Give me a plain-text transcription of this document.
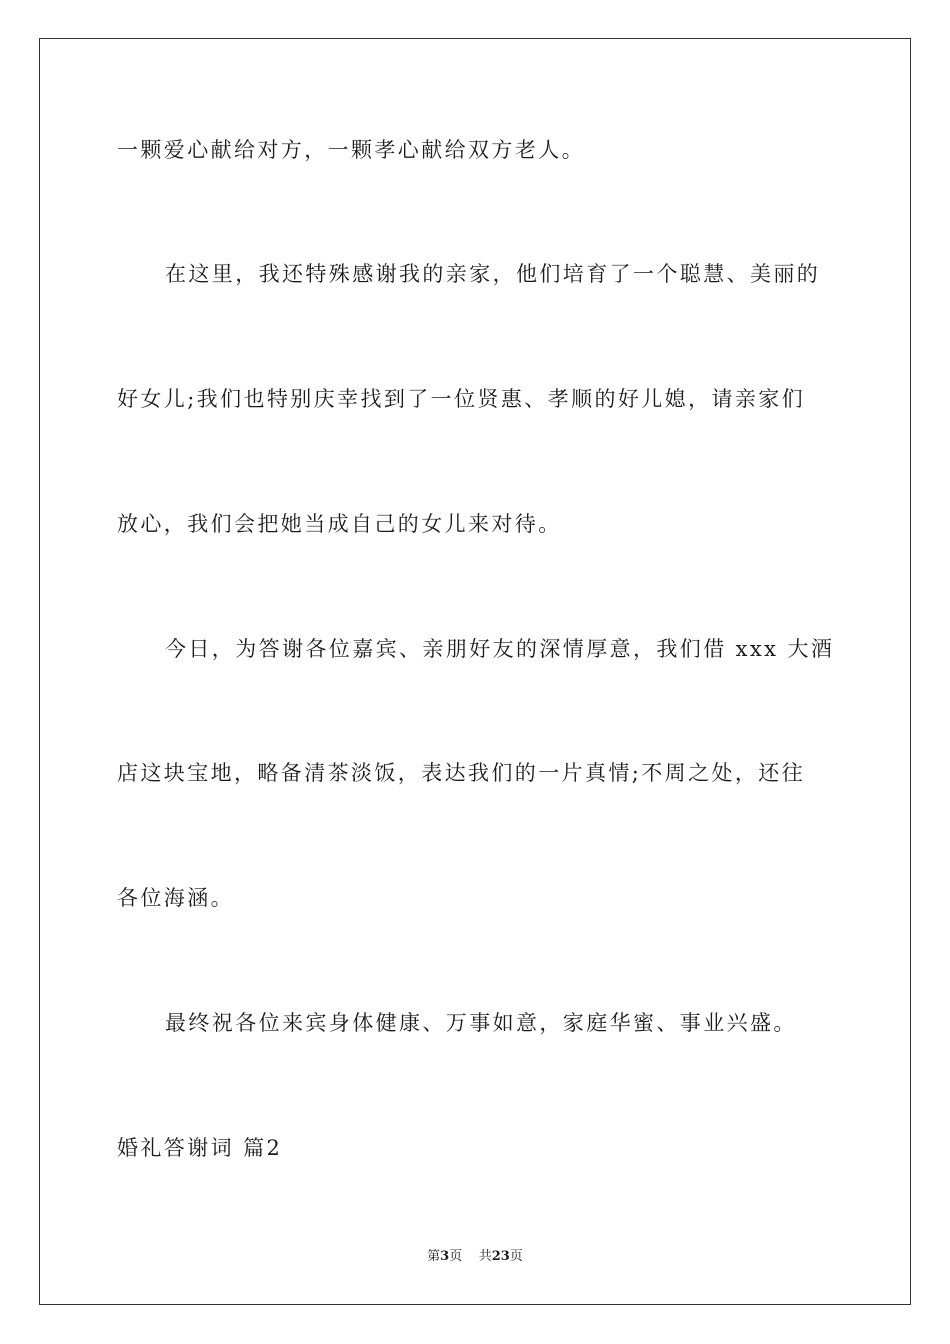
一颗爱心献给对方，一颗孝心献给双方老人。
在这里，我还特殊感谢我的亲家，他们培育了一个聪慧、美丽的
好女儿;我们也特别庆幸找到了一位贤惠、孝顺的好儿媳，请亲家们
放心，我们会把她当成自己的女儿来对待。
今日，为答谢各位嘉宾、亲朋好友的深情厚意，我们借 xxx 大酒
店这块宝地，略备清茶淡饭，表达我们的一片真情;不周之处，还往
各位海涵。
最终祝各位来宾身体健康、万事如意，家庭华蜜、事业兴盛。
婚礼答谢词 篇2
第3页 共23页
